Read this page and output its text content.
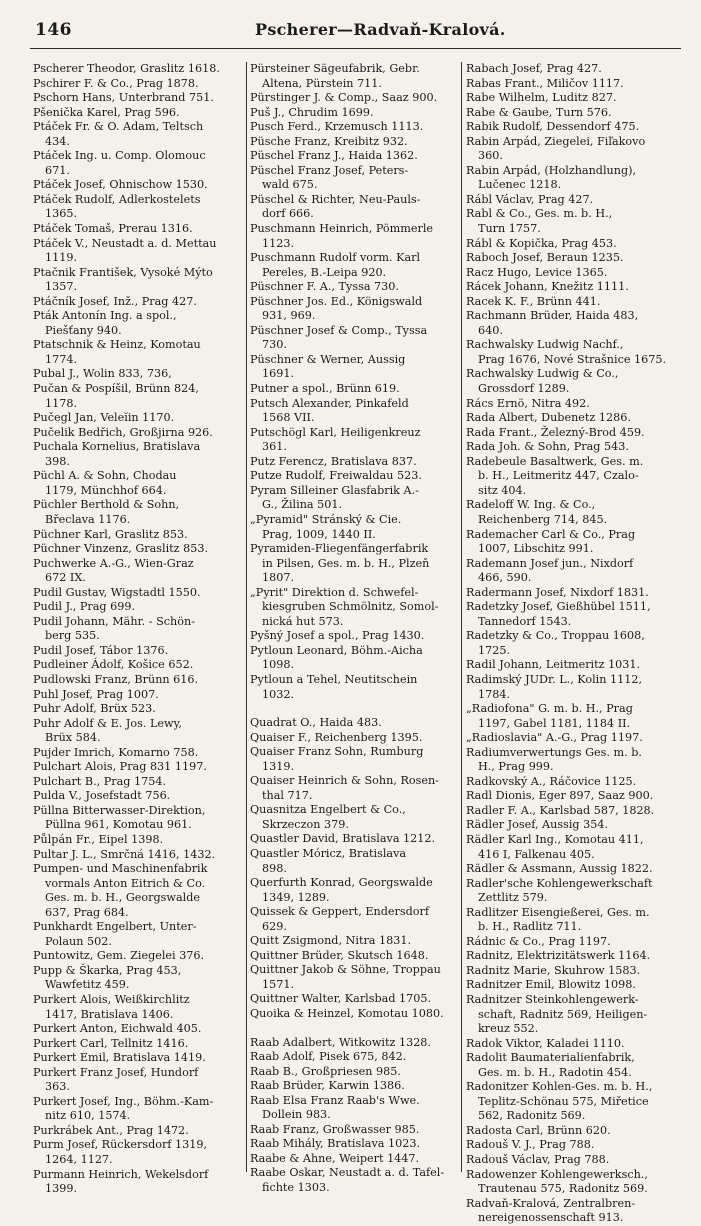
146	Pscherer—Radvaň-Kralová.
Pscherer Theodor, Graslitz 1618.
Pschirer F. & Co., Prag 1878.
Pschorn Hans, Unterbrand 751.
Pšenička Karel, Prag 596.
Ptáček Fr. & O. Adam, Teltsch
434.
Ptáček Ing. u. Comp. Olomouc
671.
Ptáček Josef, Ohnischow 1530.
Ptáček Rudolf, Adlerkostelets
1365.
Ptáček Tomaš, Prerau 1316.
Ptáček V., Neustadt a. d. Mettau
1119.
Ptačnik František, Vysoké Mýto
1357.
Ptáčník Josef, Inž., Prag 427.
Pták Antonín Ing. a spol.,
Piešťany 940.
Ptatschnik & Heinz, Komotau
1774.
Pubal J., Wolin 833, 736,
Pučan & Pospíšil, Brünn 824,
1178.
Pučegl Jan, Veleĭin 1170.
Pučelik Bedřich, Großjirna 926.
Puchala Kornelius, Bratislava
398.
Püchl A. & Sohn, Chodau
1179, Münchhof 664.
Püchler Berthold & Sohn,
Břeclava 1176.
Püchner Karl, Graslitz 853.
Püchner Vinzenz, Graslitz 853.
Puchwerke A.-G., Wien-Graz
672 IX.
Pudil Gustav, Wigstadtl 1550.
Pudil J., Prag 699.
Pudil Johann, Mähr. - Schön-
berg 535.
Pudil Josef, Tábor 1376.
Pudleiner Ádolf, Košice 652.
Pudlowski Franz, Brünn 616.
Puhl Josef, Prag 1007.
Puhr Adolf, Brüx 523.
Puhr Adolf & E. Jos. Lewy,
Brüx 584.
Pujder Imrich, Komarno 758.
Pulchart Alois, Prag 831 1197.
Pulchart B., Prag 1754.
Pulda V., Josefstadt 756.
Püllna Bitterwasser-Direktion,
Püllna 961, Komotau 961.
Půlpán Fr., Eipel 1398.
Pultar J. L., Smrčná 1416, 1432.
Pumpen- und Maschinenfabrik
vormals Anton Eitrich & Co.
Ges. m. b. H., Georgswalde
637, Prag 684.
Punkhardt Engelbert, Unter-
Polaun 502.
Puntowitz, Gem. Ziegelei 376.
Pupp & Škarka, Prag 453,
Wawfetitz 459.
Purkert Alois, Weißkirchlitz
1417, Bratislava 1406.
Purkert Anton, Eichwald 405.
Purkert Carl, Tellnitz 1416.
Purkert Emil, Bratislava 1419.
Purkert Franz Josef, Hundorf
363.
Purkert Josef, Ing., Böhm.-Kam-
nitz 610, 1574.
Purkrábek Ant., Prag 1472.
Purm Josef, Rückersdorf 1319,
1264, 1127.
Purmann Heinrich, Wekelsdorf
1399.
Pürsteiner Sägeufabrik, Gebr.
Altena, Pürstein 711.
Pürstinger J. & Comp., Saaz 900.
Puš J., Chrudim 1699.
Pusch Ferd., Krzemusch 1113.
Püsche Franz, Kreibitz 932.
Püschel Franz J., Haida 1362.
Püschel Franz Josef, Peters-
wald 675.
Püschel & Richter, Neu-Pauls-
dorf 666.
Puschmann Heinrich, Pömmerle
1123.
Puschmann Rudolf vorm. Karl
Pereles, B.-Leipa 920.
Püschner F. A., Tyssa 730.
Püschner Jos. Ed., Königswald
931, 969.
Püschner Josef & Comp., Tyssa
730.
Püschner & Werner, Aussig
1691.
Putner a spol., Brünn 619.
Putsch Alexander, Pinkafeld
1568 VII.
Putschögl Karl, Heiligenkreuz
361.
Putz Ferencz, Bratislava 837.
Putze Rudolf, Freiwaldau 523.
Pyram Silleiner Glasfabrik A.-
G., Žilina 501.
„Pyramid" Stránský & Cie.
Prag, 1009, 1440 II.
Pyramiden-Fliegenfängerfabrik
in Pilsen, Ges. m. b. H., Plzeň
1807.
„Pyrit" Direktion d. Schwefel-
kiesgruben Schmölnitz, Somol-
nická hut 573.
Pyšný Josef a spol., Prag 1430.
Pytloun Leonard, Böhm.-Aicha
1098.
Pytloun a Tehel, Neutitschein
1032.
Quadrat O., Haida 483.
Quaiser F., Reichenberg 1395.
Quaiser Franz Sohn, Rumburg
1319.
Quaiser Heinrich & Sohn, Rosen-
thal 717.
Quasnitza Engelbert & Co.,
Skrzeczon 379.
Quastler David, Bratislava 1212.
Quastler Móricz, Bratislava
898.
Querfurth Konrad, Georgswalde
1349, 1289.
Quissek & Geppert, Endersdorf
629.
Quitt Zsigmond, Nitra 1831.
Quittner Brüder, Skutsch 1648.
Quittner Jakob & Söhne, Troppau
1571.
Quittner Walter, Karlsbad 1705.
Quoika & Heinzel, Komotau 1080.
Raab Adalbert, Witkowitz 1328.
Raab Adolf, Pisek 675, 842.
Raab B., Großpriesen 985.
Raab Brüder, Karwin 1386.
Raab Elsa Franz Raab's Wwe.
Dollein 983.
Raab Franz, Großwasser 985.
Raab Mihály, Bratislava 1023.
Raabe & Ahne, Weipert 1447.
Raabe Oskar, Neustadt a. d. Tafel-
fichte 1303.
Rabach Josef, Prag 427.
Rabas Frant., Miličov 1117.
Rabe Wilhelm, Luditz 827.
Rabe & Gaube, Turn 576.
Rabik Rudolf, Dessendorf 475.
Rabin Arpád, Ziegelei, Fiľakovo
360.
Rabin Arpád, (Holzhandlung),
Lučenec 1218.
Rábl Václav, Prag 427.
Rabl & Co., Ges. m. b. H.,
Turn 1757.
Rábl & Kopička, Prag 453.
Raboch Josef, Beraun 1235.
Racz Hugo, Levice 1365.
Rácek Johann, Knežitz 1111.
Racek K. F., Brünn 441.
Rachmann Brüder, Haida 483,
640.
Rachwalsky Ludwig Nachf.,
Prag 1676, Nové Strašnice 1675.
Rachwalsky Ludwig & Co.,
Grossdorf 1289.
Rács Ernö, Nitra 492.
Rada Albert, Dubenetz 1286.
Rada Frant., Železný-Brod 459.
Rada Joh. & Sohn, Prag 543.
Radebeule Basaltwerk, Ges. m.
b. H., Leitmeritz 447, Czalo-
sitz 404.
Radeloff W. Ing. & Co.,
Reichenberg 714, 845.
Rademacher Carl & Co., Prag
1007, Libschitz 991.
Rademann Josef jun., Nixdorf
466, 590.
Radermann Josef, Nixdorf 1831.
Radetzky Josef, Gießhübel 1511,
Tannedorf 1543.
Radetzky & Co., Troppau 1608,
1725.
Radil Johann, Leitmeritz 1031.
Radimský JUDr. L., Kolin 1112,
1784.
„Radiofona" G. m. b. H., Prag
1197, Gabel 1181, 1184 II.
„Radioslavia" A.-G., Prag 1197.
Radiumverwertungs Ges. m. b.
H., Prag 999.
Radkovský A., Ráčovice 1125.
Radl Dionis, Eger 897, Saaz 900.
Radler F. A., Karlsbad 587, 1828.
Rädler Josef, Aussig 354.
Rädler Karl Ing., Komotau 411,
416 I, Falkenau 405.
Rädler & Assmann, Aussig 1822.
Radler'sche Kohlengewerkschaft
Zettlitz 579.
Radlitzer Eisengießerei, Ges. m.
b. H., Radlitz 711.
Rádnic & Co., Prag 1197.
Radnitz, Elektrizitätswerk 1164.
Radnitz Marie, Skuhrow 1583.
Radnitzer Emil, Blowitz 1098.
Radnitzer Steinkohlengewerk-
schaft, Radnitz 569, Heiligen-
kreuz 552.
Radok Viktor, Kaladei 1110.
Radolit Baumaterialienfabrik,
Ges. m. b. H., Radotin 454.
Radonitzer Kohlen-Ges. m. b. H.,
Teplitz-Schönau 575, Miřetice
562, Radonitz 569.
Radosta Carl, Brünn 620.
Radouš V. J., Prag 788.
Radouš Václav, Prag 788.
Radowenzer Kohlengewerksch.,
Trautenau 575, Radonitz 569.
Radvaň-Kralová, Zentralbren-
nereigenossenschaft 913.
